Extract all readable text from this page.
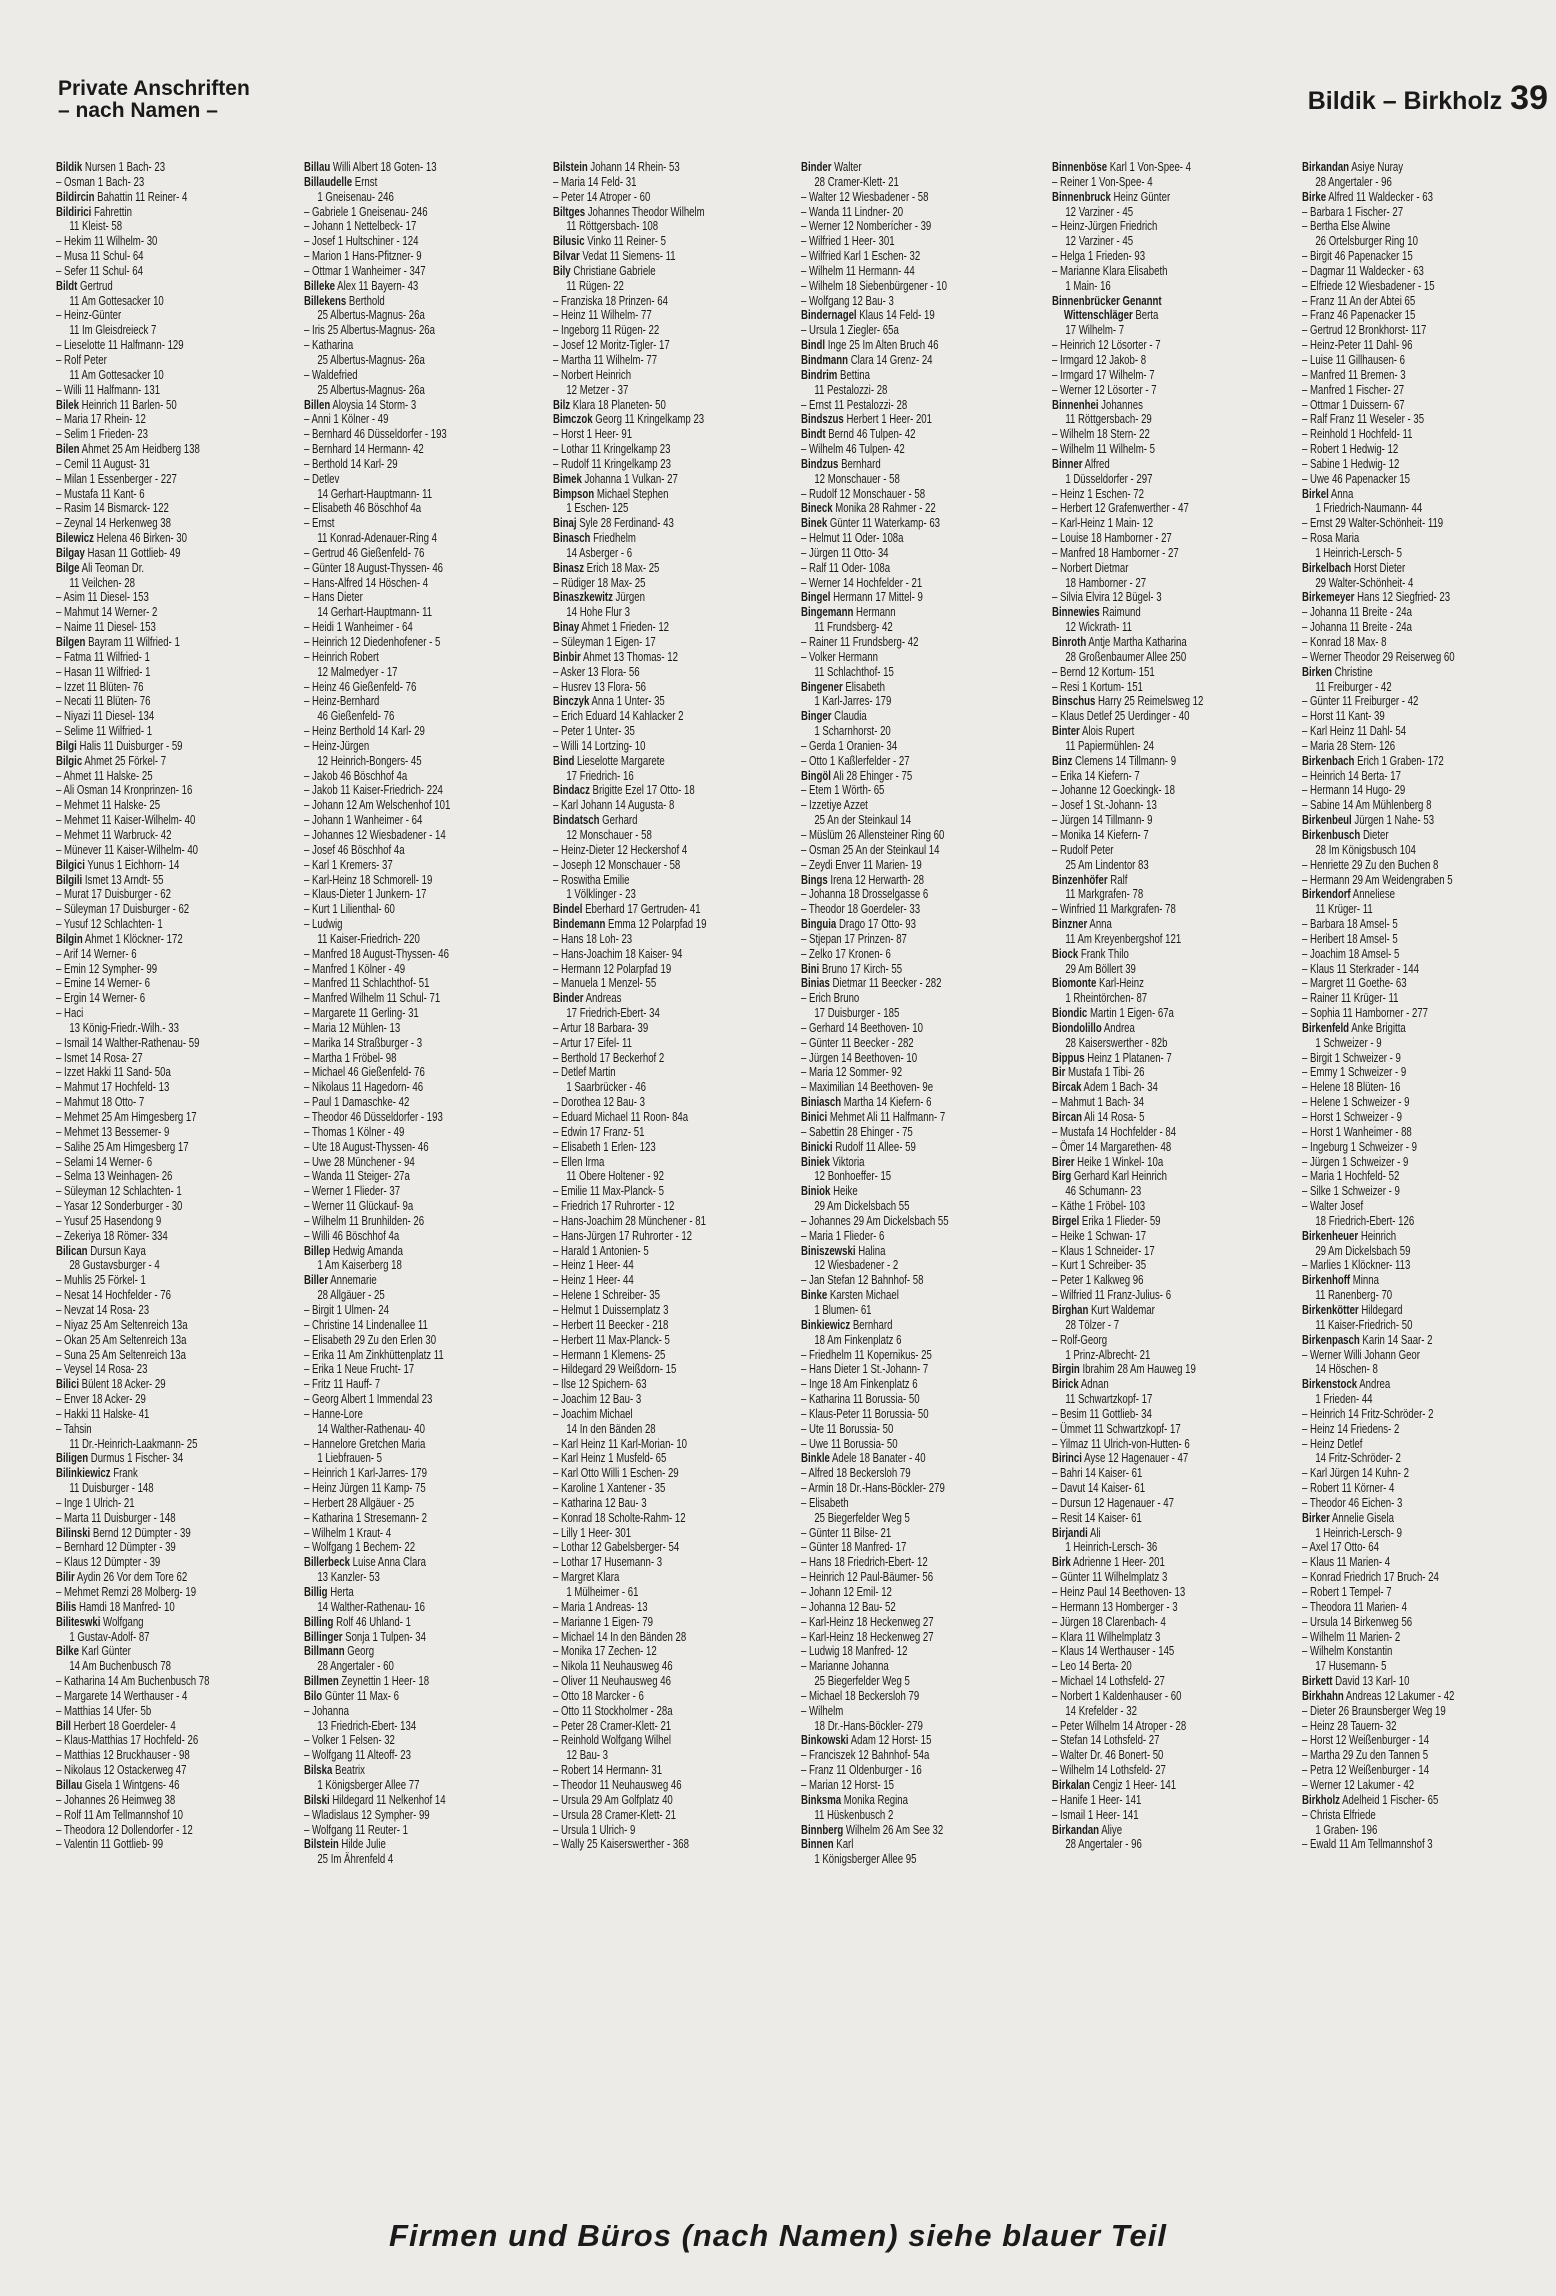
Private Anschriften
– nach Namen –	Bildik – Birkholz 39
Bildik Nursen 1 Bach- 23
– Osman 1 Bach- 23
Bildircin Bahattin 11 Reiner- 4
Bildirici Fahrettin
11 Kleist- 58
– Hekim 11 Wilhelm- 30
– Musa 11 Schul- 64
– Sefer 11 Schul- 64
Bildt Gertrud
11 Am Gottesacker 10
– Heinz-Günter
11 Im Gleisdreieck 7
– Lieselotte 11 Halfmann- 129
– Rolf Peter
11 Am Gottesacker 10
– Willi 11 Halfmann- 131
Bilek Heinrich 11 Barlen- 50
– Maria 17 Rhein- 12
– Selim 1 Frieden- 23
Bilen Ahmet 25 Am Heidberg 138
– Cemil 11 August- 31
– Milan 1 Essenberger - 227
– Mustafa 11 Kant- 6
– Rasim 14 Bismarck- 122
– Zeynal 14 Herkenweg 38
Bilewicz Helena 46 Birken- 30
Bilgay Hasan 11 Gottlieb- 49
Bilge Ali Teoman Dr.
11 Veilchen- 28
– Asim 11 Diesel- 153
– Mahmut 14 Werner- 2
– Naime 11 Diesel- 153
Bilgen Bayram 11 Wilfried- 1
– Fatma 11 Wilfried- 1
– Hasan 11 Wilfried- 1
– Izzet 11 Blüten- 76
– Necati 11 Blüten- 76
– Niyazi 11 Diesel- 134
– Selime 11 Wilfried- 1
Bilgi Halis 11 Duisburger - 59
Bilgic Ahmet 25 Förkel- 7
– Ahmet 11 Halske- 25
– Ali Osman 14 Kronprinzen- 16
– Mehmet 11 Halske- 25
– Mehmet 11 Kaiser-Wilhelm- 40
– Mehmet 11 Warbruck- 42
– Münever 11 Kaiser-Wilhelm- 40
Bilgici Yunus 1 Eichhorn- 14
Bilgili Ismet 13 Arndt- 55
– Murat 17 Duisburger - 62
– Süleyman 17 Duisburger - 62
– Yusuf 12 Schlachten- 1
Bilgin Ahmet 1 Klöckner- 172
– Arif 14 Werner- 6
– Emin 12 Sympher- 99
– Emine 14 Werner- 6
– Ergin 14 Werner- 6
– Haci
13 König-Friedr.-Wilh.- 33
– Ismail 14 Walther-Rathenau- 59
– Ismet 14 Rosa- 27
– Izzet Hakki 11 Sand- 50a
– Mahmut 17 Hochfeld- 13
– Mahmut 18 Otto- 7
– Mehmet 25 Am Himgesberg 17
– Mehmet 13 Bessemer- 9
– Salihe 25 Am Himgesberg 17
– Selami 14 Werner- 6
– Selma 13 Weinhagen- 26
– Süleyman 12 Schlachten- 1
– Yasar 12 Sonderburger - 30
– Yusuf 25 Hasendong 9
– Zekeriya 18 Römer- 334
Bilican Dursun Kaya
28 Gustavsburger - 4
– Muhlis 25 Förkel- 1
– Nesat 14 Hochfelder - 76
– Nevzat 14 Rosa- 23
– Niyaz 25 Am Seltenreich 13a
– Okan 25 Am Seltenreich 13a
– Suna 25 Am Seltenreich 13a
– Veysel 14 Rosa- 23
Bilici Bülent 18 Acker- 29
– Enver 18 Acker- 29
– Hakki 11 Halske- 41
– Tahsin
11 Dr.-Heinrich-Laakmann- 25
Biligen Durmus 1 Fischer- 34
Bilinkiewicz Frank
11 Duisburger - 148
– Inge 1 Ulrich- 21
– Marta 11 Duisburger - 148
Bilinski Bernd 12 Dümpter - 39
– Bernhard 12 Dümpter - 39
– Klaus 12 Dümpter - 39
Bilir Aydin 26 Vor dem Tore 62
– Mehmet Remzi 28 Molberg- 19
Bilis Hamdi 18 Manfred- 10
Biliteswki Wolfgang
1 Gustav-Adolf- 87
Bilke Karl Günter
14 Am Buchenbusch 78
– Katharina 14 Am Buchenbusch 78
– Margarete 14 Werthauser - 4
– Matthias 14 Ufer- 5b
Bill Herbert 18 Goerdeler- 4
– Klaus-Matthias 17 Hochfeld- 26
– Matthias 12 Bruckhauser - 98
– Nikolaus 12 Ostackerweg 47
Billau Gisela 1 Wintgens- 46
– Johannes 26 Heimweg 38
– Rolf 11 Am Tellmannshof 10
– Theodora 12 Dollendorfer - 12
– Valentin 11 Gottlieb- 99
Billau Willi Albert 18 Goten- 13
Billaudelle Ernst
1 Gneisenau- 246
– Gabriele 1 Gneisenau- 246
– Johann 1 Nettelbeck- 17
– Josef 1 Hultschiner - 124
– Marion 1 Hans-Pfitzner- 9
– Ottmar 1 Wanheimer - 347
Billeke Alex 11 Bayern- 43
Billekens Berthold
25 Albertus-Magnus- 26a
– Iris 25 Albertus-Magnus- 26a
– Katharina
25 Albertus-Magnus- 26a
– Waldefried
25 Albertus-Magnus- 26a
Billen Aloysia 14 Storm- 3
– Anni 1 Kölner - 49
– Bernhard 46 Düsseldorfer - 193
– Bernhard 14 Hermann- 42
– Berthold 14 Karl- 29
– Detlev
14 Gerhart-Hauptmann- 11
– Elisabeth 46 Böschhof 4a
– Ernst
11 Konrad-Adenauer-Ring 4
– Gertrud 46 Gießenfeld- 76
– Günter 18 August-Thyssen- 46
– Hans-Alfred 14 Höschen- 4
– Hans Dieter
14 Gerhart-Hauptmann- 11
– Heidi 1 Wanheimer - 64
– Heinrich 12 Diedenhofener - 5
– Heinrich Robert
12 Malmedyer - 17
– Heinz 46 Gießenfeld- 76
– Heinz-Bernhard
46 Gießenfeld- 76
– Heinz Berthold 14 Karl- 29
– Heinz-Jürgen
12 Heinrich-Bongers- 45
– Jakob 46 Böschhof 4a
– Jakob 11 Kaiser-Friedrich- 224
– Johann 12 Am Welschenhof 101
– Johann 1 Wanheimer - 64
– Johannes 12 Wiesbadener - 14
– Josef 46 Böschhof 4a
– Karl 1 Kremers- 37
– Karl-Heinz 18 Schmorell- 19
– Klaus-Dieter 1 Junkern- 17
– Kurt 1 Lilienthal- 60
– Ludwig
11 Kaiser-Friedrich- 220
– Manfred 18 August-Thyssen- 46
– Manfred 1 Kölner - 49
– Manfred 11 Schlachthof- 51
– Manfred Wilhelm 11 Schul- 71
– Margarete 11 Gerling- 31
– Maria 12 Mühlen- 13
– Marika 14 Straßburger - 3
– Martha 1 Fröbel- 98
– Michael 46 Gießenfeld- 76
– Nikolaus 11 Hagedorn- 46
– Paul 1 Damaschke- 42
– Theodor 46 Düsseldorfer - 193
– Thomas 1 Kölner - 49
– Ute 18 August-Thyssen- 46
– Uwe 28 Münchener - 94
– Wanda 11 Steiger- 27a
– Werner 1 Flieder- 37
– Werner 11 Glückauf- 9a
– Wilhelm 11 Brunhilden- 26
– Willi 46 Böschhof 4a
Billep Hedwig Amanda
1 Am Kaiserberg 18
Biller Annemarie
28 Allgäuer - 25
– Birgit 1 Ulmen- 24
– Christine 14 Lindenallee 11
– Elisabeth 29 Zu den Erlen 30
– Erika 11 Am Zinkhüttenplatz 11
– Erika 1 Neue Frucht- 17
– Fritz 11 Hauff- 7
– Georg Albert 1 Immendal 23
– Hanne-Lore
14 Walther-Rathenau- 40
– Hannelore Gretchen Maria
1 Liebfrauen- 5
– Heinrich 1 Karl-Jarres- 179
– Heinz Jürgen 11 Kamp- 75
– Herbert 28 Allgäuer - 25
– Katharina 1 Stresemann- 2
– Wilhelm 1 Kraut- 4
– Wolfgang 1 Bechem- 22
Billerbeck Luise Anna Clara
13 Kanzler- 53
Billig Herta
14 Walther-Rathenau- 16
Billing Rolf 46 Uhland- 1
Billinger Sonja 1 Tulpen- 34
Billmann Georg
28 Angertaler - 60
Billmen Zeynettin 1 Heer- 18
Bilo Günter 11 Max- 6
– Johanna
13 Friedrich-Ebert- 134
– Volker 1 Felsen- 32
– Wolfgang 11 Alteoff- 23
Bilska Beatrix
1 Königsberger Allee 77
Bilski Hildegard 11 Nelkenhof 14
– Wladislaus 12 Sympher- 99
– Wolfgang 11 Reuter- 1
Bilstein Hilde Julie
25 Im Ährenfeld 4
Bilstein Johann 14 Rhein- 53
– Maria 14 Feld- 31
– Peter 14 Atroper - 60
Biltges Johannes Theodor Wilhelm
11 Röttgersbach- 108
Bilusic Vinko 11 Reiner- 5
Bilvar Vedat 11 Siemens- 11
Bily Christiane Gabriele
11 Rügen- 22
– Franziska 18 Prinzen- 64
– Heinz 11 Wilhelm- 77
– Ingeborg 11 Rügen- 22
– Josef 12 Moritz-Tigler- 17
– Martha 11 Wilhelm- 77
– Norbert Heinrich
12 Metzer - 37
Bilz Klara 18 Planeten- 50
Bimczok Georg 11 Kringelkamp 23
– Horst 1 Heer- 91
– Lothar 11 Kringelkamp 23
– Rudolf 11 Kringelkamp 23
Bimek Johanna 1 Vulkan- 27
Bimpson Michael Stephen
1 Eschen- 125
Binaj Syle 28 Ferdinand- 43
Binasch Friedhelm
14 Asberger - 6
Binasz Erich 18 Max- 25
– Rüdiger 18 Max- 25
Binaszkewitz Jürgen
14 Hohe Flur 3
Binay Ahmet 1 Frieden- 12
– Süleyman 1 Eigen- 17
Binbir Ahmet 13 Thomas- 12
– Asker 13 Flora- 56
– Husrev 13 Flora- 56
Binczyk Anna 1 Unter- 35
– Erich Eduard 14 Kahlacker 2
– Peter 1 Unter- 35
– Willi 14 Lortzing- 10
Bind Lieselotte Margarete
17 Friedrich- 16
Bindacz Brigitte Ezel 17 Otto- 18
– Karl Johann 14 Augusta- 8
Bindatsch Gerhard
12 Monschauer - 58
– Heinz-Dieter 12 Heckershof 4
– Joseph 12 Monschauer - 58
– Roswitha Emilie
1 Völklinger - 23
Bindel Eberhard 17 Gertruden- 41
Bindemann Emma 12 Polarpfad 19
– Hans 18 Loh- 23
– Hans-Joachim 18 Kaiser- 94
– Hermann 12 Polarpfad 19
– Manuela 1 Menzel- 55
Binder Andreas
17 Friedrich-Ebert- 34
– Artur 18 Barbara- 39
– Artur 17 Eifel- 11
– Berthold 17 Beckerhof 2
– Detlef Martin
1 Saarbrücker - 46
– Dorothea 12 Bau- 3
– Eduard Michael 11 Roon- 84a
– Edwin 17 Franz- 51
– Elisabeth 1 Erlen- 123
– Ellen Irma
11 Obere Holtener - 92
– Emilie 11 Max-Planck- 5
– Friedrich 17 Ruhrorter - 12
– Hans-Joachim 28 Münchener - 81
– Hans-Jürgen 17 Ruhrorter - 12
– Harald 1 Antonien- 5
– Heinz 1 Heer- 44
– Heinz 1 Heer- 44
– Helene 1 Schreiber- 35
– Helmut 1 Duissernplatz 3
– Herbert 11 Beecker - 218
– Herbert 11 Max-Planck- 5
– Hermann 1 Klemens- 25
– Hildegard 29 Weißdorn- 15
– Ilse 12 Spichern- 63
– Joachim 12 Bau- 3
– Joachim Michael
14 In den Bänden 28
– Karl Heinz 11 Karl-Morian- 10
– Karl Heinz 1 Musfeld- 65
– Karl Otto Willi 1 Eschen- 29
– Karoline 1 Xantener - 35
– Katharina 12 Bau- 3
– Konrad 18 Scholte-Rahm- 12
– Lilly 1 Heer- 301
– Lothar 12 Gabelsberger- 54
– Lothar 17 Husemann- 3
– Margret Klara
1 Mülheimer - 61
– Maria 1 Andreas- 13
– Marianne 1 Eigen- 79
– Michael 14 In den Bänden 28
– Monika 17 Zechen- 12
– Nikola 11 Neuhausweg 46
– Oliver 11 Neuhausweg 46
– Otto 18 Marcker - 6
– Otto 11 Stockholmer - 28a
– Peter 28 Cramer-Klett- 21
– Reinhold Wolfgang Wilhel
12 Bau- 3
– Robert 14 Hermann- 31
– Theodor 11 Neuhausweg 46
– Ursula 29 Am Golfplatz 40
– Ursula 28 Cramer-Klett- 21
– Ursula 1 Ulrich- 9
– Wally 25 Kaiserswerther - 368
Binder Walter
28 Cramer-Klett- 21
– Walter 12 Wiesbadener - 58
– Wanda 11 Lindner- 20
– Werner 12 Nomberícher - 39
– Wilfried 1 Heer- 301
– Wilfried Karl 1 Eschen- 32
– Wilhelm 11 Hermann- 44
– Wilhelm 18 Siebenbürgener - 10
– Wolfgang 12 Bau- 3
Bindernagel Klaus 14 Feld- 19
– Ursula 1 Ziegler- 65a
Bindl Inge 25 Im Alten Bruch 46
Bindmann Clara 14 Grenz- 24
Bindrim Bettina
11 Pestalozzi- 28
– Ernst 11 Pestalozzi- 28
Bindszus Herbert 1 Heer- 201
Bindt Bernd 46 Tulpen- 42
– Wilhelm 46 Tulpen- 42
Bindzus Bernhard
12 Monschauer - 58
– Rudolf 12 Monschauer - 58
Bineck Monika 28 Rahmer - 22
Binek Günter 11 Waterkamp- 63
– Helmut 11 Oder- 108a
– Jürgen 11 Otto- 34
– Ralf 11 Oder- 108a
– Werner 14 Hochfelder - 21
Bingel Hermann 17 Mittel- 9
Bingemann Hermann
11 Frundsberg- 42
– Rainer 11 Frundsberg- 42
– Volker Hermann
11 Schlachthof- 15
Bingener Elisabeth
1 Karl-Jarres- 179
Binger Claudia
1 Scharnhorst- 20
– Gerda 1 Oranien- 34
– Otto 1 Kaßlerfelder - 27
Bingöl Ali 28 Ehinger - 75
– Etem 1 Wörth- 65
– Izzetiye Azzet
25 An der Steinkaul 14
– Müslüm 26 Allensteiner Ring 60
– Osman 25 An der Steinkaul 14
– Zeydi Enver 11 Marien- 19
Bings Irena 12 Herwarth- 28
– Johanna 18 Drosselgasse 6
– Theodor 18 Goerdeler- 33
Binguia Drago 17 Otto- 93
– Stjepan 17 Prinzen- 87
– Zelko 17 Kronen- 6
Bini Bruno 17 Kirch- 55
Binias Dietmar 11 Beecker - 282
– Erich Bruno
17 Duisburger - 185
– Gerhard 14 Beethoven- 10
– Günter 11 Beecker - 282
– Jürgen 14 Beethoven- 10
– Maria 12 Sommer- 92
– Maximilian 14 Beethoven- 9e
Biniasch Martha 14 Kiefern- 6
Binici Mehmet Ali 11 Halfmann- 7
– Sabettin 28 Ehinger - 75
Binicki Rudolf 11 Allee- 59
Biniek Viktoria
12 Bonhoeffer- 15
Biniok Heike
29 Am Dickelsbach 55
– Johannes 29 Am Dickelsbach 55
– Maria 1 Flieder- 6
Biniszewski Halina
12 Wiesbadener - 2
– Jan Stefan 12 Bahnhof- 58
Binke Karsten Michael
1 Blumen- 61
Binkiewicz Bernhard
18 Am Finkenplatz 6
– Friedhelm 11 Kopernikus- 25
– Hans Dieter 1 St.-Johann- 7
– Inge 18 Am Finkenplatz 6
– Katharina 11 Borussia- 50
– Klaus-Peter 11 Borussia- 50
– Ute 11 Borussia- 50
– Uwe 11 Borussia- 50
Binkle Adele 18 Banater - 40
– Alfred 18 Beckersloh 79
– Armin 18 Dr.-Hans-Böckler- 279
– Elisabeth
25 Biegerfelder Weg 5
– Günter 11 Bilse- 21
– Günter 18 Manfred- 17
– Hans 18 Friedrich-Ebert- 12
– Heinrich 12 Paul-Bäumer- 56
– Johann 12 Emil- 12
– Johanna 12 Bau- 52
– Karl-Heinz 18 Heckenweg 27
– Karl-Heinz 18 Heckenweg 27
– Ludwig 18 Manfred- 12
– Marianne Johanna
25 Biegerfelder Weg 5
– Michael 18 Beckersloh 79
– Wilhelm
18 Dr.-Hans-Böckler- 279
Binkowski Adam 12 Horst- 15
– Franciszek 12 Bahnhof- 54a
– Franz 11 Oldenburger - 16
– Marian 12 Horst- 15
Binksma Monika Regina
11 Hüskenbusch 2
Binnberg Wilhelm 26 Am See 32
Binnen Karl
1 Königsberger Allee 95
Binnenböse Karl 1 Von-Spee- 4
– Reiner 1 Von-Spee- 4
Binnenbruck Heinz Günter
12 Varziner - 45
– Heinz-Jürgen Friedrich
12 Varziner - 45
– Helga 1 Frieden- 93
– Marianne Klara Elisabeth
1 Main- 16
Binnenbrücker Genannt
Wittenschläger Berta
17 Wilhelm- 7
– Heinrich 12 Lösorter - 7
– Irmgard 12 Jakob- 8
– Irmgard 17 Wilhelm- 7
– Werner 12 Lösorter - 7
Binnenhei Johannes
11 Röttgersbach- 29
– Wilhelm 18 Stern- 22
– Wilhelm 11 Wilhelm- 5
Binner Alfred
1 Düsseldorfer - 297
– Heinz 1 Eschen- 72
– Herbert 12 Grafenwerther - 47
– Karl-Heinz 1 Main- 12
– Louise 18 Hamborner - 27
– Manfred 18 Hamborner - 27
– Norbert Dietmar
18 Hamborner - 27
– Silvia Elvira 12 Bügel- 3
Binnewies Raimund
12 Wickrath- 11
Binroth Antje Martha Katharina
28 Großenbaumer Allee 250
– Bernd 12 Kortum- 151
– Resi 1 Kortum- 151
Binschus Harry 25 Reimelsweg 12
– Klaus Detlef 25 Uerdinger - 40
Binter Alois Rupert
11 Papiermühlen- 24
Binz Clemens 14 Tillmann- 9
– Erika 14 Kiefern- 7
– Johanne 12 Goeckingk- 18
– Josef 1 St.-Johann- 13
– Jürgen 14 Tillmann- 9
– Monika 14 Kiefern- 7
– Rudolf Peter
25 Am Lindentor 83
Binzenhöfer Ralf
11 Markgrafen- 78
– Winfried 11 Markgrafen- 78
Binzner Anna
11 Am Kreyenbergshof 121
Biock Frank Thilo
29 Am Böllert 39
Biomonte Karl-Heinz
1 Rheintörchen- 87
Biondic Martin 1 Eigen- 67a
Biondolillo Andrea
28 Kaiserswerther - 82b
Bippus Heinz 1 Platanen- 7
Bir Mustafa 1 Tibi- 26
Bircak Adem 1 Bach- 34
– Mahmut 1 Bach- 34
Bircan Ali 14 Rosa- 5
– Mustafa 14 Hochfelder - 84
– Ömer 14 Margarethen- 48
Birer Heike 1 Winkel- 10a
Birg Gerhard Karl Heinrich
46 Schumann- 23
– Käthe 1 Fröbel- 103
Birgel Erika 1 Flieder- 59
– Heike 1 Schwan- 17
– Klaus 1 Schneider- 17
– Kurt 1 Schreiber- 35
– Peter 1 Kalkweg 96
– Wilfried 11 Franz-Julius- 6
Birghan Kurt Waldemar
28 Tölzer - 7
– Rolf-Georg
1 Prinz-Albrecht- 21
Birgin Ibrahim 28 Am Hauweg 19
Birick Adnan
11 Schwartzkopf- 17
– Besim 11 Gottlieb- 34
– Ümmet 11 Schwartzkopf- 17
– Yilmaz 11 Ulrich-von-Hutten- 6
Birinci Ayse 12 Hagenauer - 47
– Bahri 14 Kaiser- 61
– Davut 14 Kaiser- 61
– Dursun 12 Hagenauer - 47
– Resit 14 Kaiser- 61
Birjandi Ali
1 Heinrich-Lersch- 36
Birk Adrienne 1 Heer- 201
– Günter 11 Wilhelmplatz 3
– Heinz Paul 14 Beethoven- 13
– Hermann 13 Homberger - 3
– Jürgen 18 Clarenbach- 4
– Klara 11 Wilhelmplatz 3
– Klaus 14 Werthauser - 145
– Leo 14 Berta- 20
– Michael 14 Lothsfeld- 27
– Norbert 1 Kaldenhauser - 60
14 Krefelder - 32
– Peter Wilhelm 14 Atroper - 28
– Stefan 14 Lothsfeld- 27
– Walter Dr. 46 Bonert- 50
– Wilhelm 14 Lothsfeld- 27
Birkalan Cengiz 1 Heer- 141
– Hanife 1 Heer- 141
– Ismail 1 Heer- 141
Birkandan Aliye
28 Angertaler - 96
Birkandan Asiye Nuray
28 Angertaler - 96
Birke Alfred 11 Waldecker - 63
– Barbara 1 Fischer- 27
– Bertha Else Alwine
26 Ortelsburger Ring 10
– Birgit 46 Papenacker 15
– Dagmar 11 Waldecker - 63
– Elfriede 12 Wiesbadener - 15
– Franz 11 An der Abtei 65
– Franz 46 Papenacker 15
– Gertrud 12 Bronkhorst- 117
– Heinz-Peter 11 Dahl- 96
– Luise 11 Gillhausen- 6
– Manfred 11 Bremen- 3
– Manfred 1 Fischer- 27
– Ottmar 1 Duissern- 67
– Ralf Franz 11 Weseler - 35
– Reinhold 1 Hochfeld- 11
– Robert 1 Hedwig- 12
– Sabine 1 Hedwig- 12
– Uwe 46 Papenacker 15
Birkel Anna
1 Friedrich-Naumann- 44
– Ernst 29 Walter-Schönheit- 119
– Rosa Maria
1 Heinrich-Lersch- 5
Birkelbach Horst Dieter
29 Walter-Schönheit- 4
Birkemeyer Hans 12 Siegfried- 23
– Johanna 11 Breite - 24a
– Johanna 11 Breite - 24a
– Konrad 18 Max- 8
– Werner Theodor 29 Reiserweg 60
Birken Christine
11 Freiburger - 42
– Günter 11 Freiburger - 42
– Horst 11 Kant- 39
– Karl Heinz 11 Dahl- 54
– Maria 28 Stern- 126
Birkenbach Erich 1 Graben- 172
– Heinrich 14 Berta- 17
– Hermann 14 Hugo- 29
– Sabine 14 Am Mühlenberg 8
Birkenbeul Jürgen 1 Nahe- 53
Birkenbusch Dieter
28 Im Königsbusch 104
– Henriette 29 Zu den Buchen 8
– Hermann 29 Am Weidengraben 5
Birkendorf Anneliese
11 Krüger- 11
– Barbara 18 Amsel- 5
– Heribert 18 Amsel- 5
– Joachim 18 Amsel- 5
– Klaus 11 Sterkrader - 144
– Margret 11 Goethe- 63
– Rainer 11 Krüger- 11
– Sophia 11 Hamborner - 277
Birkenfeld Anke Brigitta
1 Schweizer - 9
– Birgit 1 Schweizer - 9
– Emmy 1 Schweizer - 9
– Helene 18 Blüten- 16
– Helene 1 Schweizer - 9
– Horst 1 Schweizer - 9
– Horst 1 Wanheimer - 88
– Ingeburg 1 Schweizer - 9
– Jürgen 1 Schweizer - 9
– Maria 1 Hochfeld- 52
– Silke 1 Schweizer - 9
– Walter Josef
18 Friedrich-Ebert- 126
Birkenheuer Heinrich
29 Am Dickelsbach 59
– Marlies 1 Klöckner- 113
Birkenhoff Minna
11 Ranenberg- 70
Birkenkötter Hildegard
11 Kaiser-Friedrich- 50
Birkenpasch Karin 14 Saar- 2
– Werner Willi Johann Geor
14 Höschen- 8
Birkenstock Andrea
1 Frieden- 44
– Heinrich 14 Fritz-Schröder- 2
– Heinz 14 Friedens- 2
– Heinz Detlef
14 Fritz-Schröder- 2
– Karl Jürgen 14 Kuhn- 2
– Robert 11 Körner- 4
– Theodor 46 Eichen- 3
Birker Annelie Gisela
1 Heinrich-Lersch- 9
– Axel 17 Otto- 64
– Klaus 11 Marien- 4
– Konrad Friedrich 17 Bruch- 24
– Robert 1 Tempel- 7
– Theodora 11 Marien- 4
– Ursula 14 Birkenweg 56
– Wilhelm 11 Marien- 2
– Wilhelm Konstantin
17 Husemann- 5
Birkett David 13 Karl- 10
Birkhahn Andreas 12 Lakumer - 42
– Dieter 26 Braunsberger Weg 19
– Heinz 28 Tauern- 32
– Horst 12 Weißenburger - 14
– Martha 29 Zu den Tannen 5
– Petra 12 Weißenburger - 14
– Werner 12 Lakumer - 42
Birkholz Adelheid 1 Fischer- 65
– Christa Elfriede
1 Graben- 196
– Ewald 11 Am Tellmannshof 3
Firmen und Büros (nach Namen) siehe blauer Teil
